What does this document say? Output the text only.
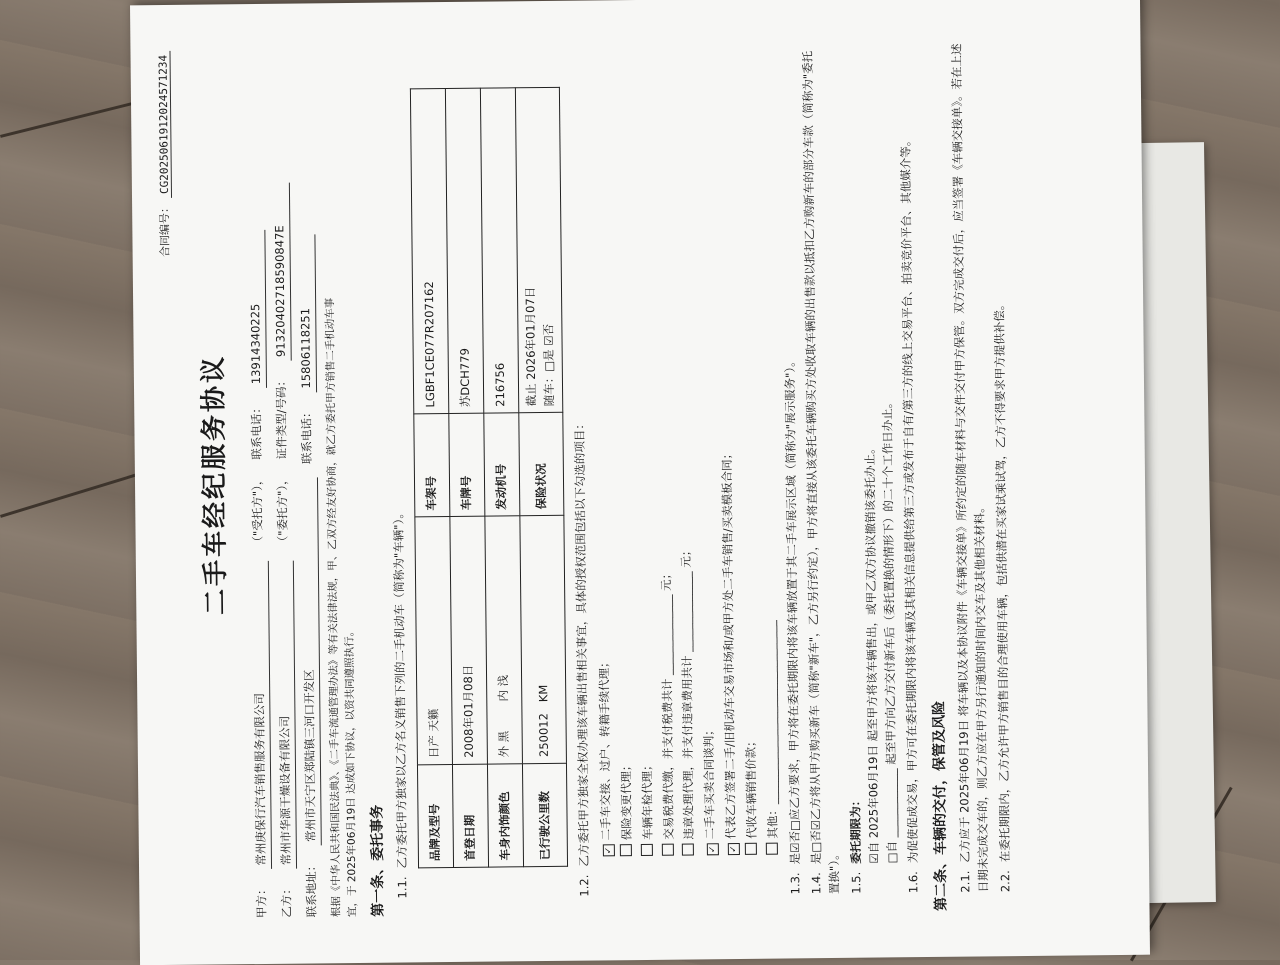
合同编号：CG2025061912024571234
二手车经纪服务协议
甲方：
常州庚保行汽车销售服务有限公司
（"受托方"），
联系电话：
13914340225
乙方：
常州市华源干燥设备有限公司
（"委托方"），
证件类型/号码：
913204027185908​47E
联系地址：
常州市天宁区郑陆镇三河口开发区
联系电话：
15806118251	根据《中华人民共和国民法典》、《二手车流通管理办法》等有关法律法规，甲、乙双方经友好协商，就乙方委托甲方销售二手机动车事 宜，于 2025年06月19日 达成如下协议，以资共同遵照执行。 第一条、委托事务 1.1.乙方委托甲方独家以乙方名义销售下列的二手机动车（简称为"车辆"）。 品牌及型号	日产 天籁	车架号	LGBF1CE077R207162
首登日期	2008年01月08日	车牌号	苏DCH779
车身内饰颜色	外 黑        内 浅	发动机号	216756
已行驶公里数	250012   KM	保险状况	截止 2026年01月07日 随车：□是 ☑否
1.2.乙方委托甲方独家全权办理该车辆出售相关事宜，具体的授权范围包括以下勾选的项目：	✓二手车交接、过户、转籍手续代理； 保险变更代理； 车辆年检代理； 交易税费代缴，并支付税费共计 ______________ 元； 违章处理代理，并支付违章费用共计 ______________ 元；
✓二手车买卖合同谈判；
✓代表乙方签署二手/旧机动车交易市场和/或甲方处二手车销售/买卖模板合同； 代收车辆销售价款； 其他：________________________________
1.3.是☑否□应乙方要求，甲方将在委托期限内将该车辆放置于其二手车展示区域（简称为"展示服务"）。
1.4.是□否☑乙方将从甲方购买新车（简称"新车"，乙方另行约定），甲方将直接从该委托车辆购买方处收取车辆的出售款以抵扣乙方购新车的部分车款（简称为"委托置换"）。 1.5.委托期限为： ☑自 2025年06月19日 起至甲方将该车辆售出，或甲乙双方协议撤销该委托办止。
□自 ____________ 起至甲方向乙方交付新车后（委托置换的情形下）的二十个工作日办止。
1.6.为促使促成交易，甲方可在委托期限内将该车辆及其相关信息提供给第三方或发布于自有/第三方的线上交易平台、拍卖竞价平台、其他媒介等。 第二条、车辆的交付，保管及风险 2.1.乙方应于 2025年06月19日 将车辆以及本协议附件《车辆交接单》所约定的随车材料与交件交付甲方保管。双方完成交付后，应当签署《车辆交接单》。若在上述日期未完成交车的，则乙方应在甲方另行通知的时间内交车及其他相关材料。 2.2.在委托期限内，乙方允许甲方销售目的合理使用车辆，包括供潜在买家试乘试驾，乙方不得要求甲方提供补偿。
